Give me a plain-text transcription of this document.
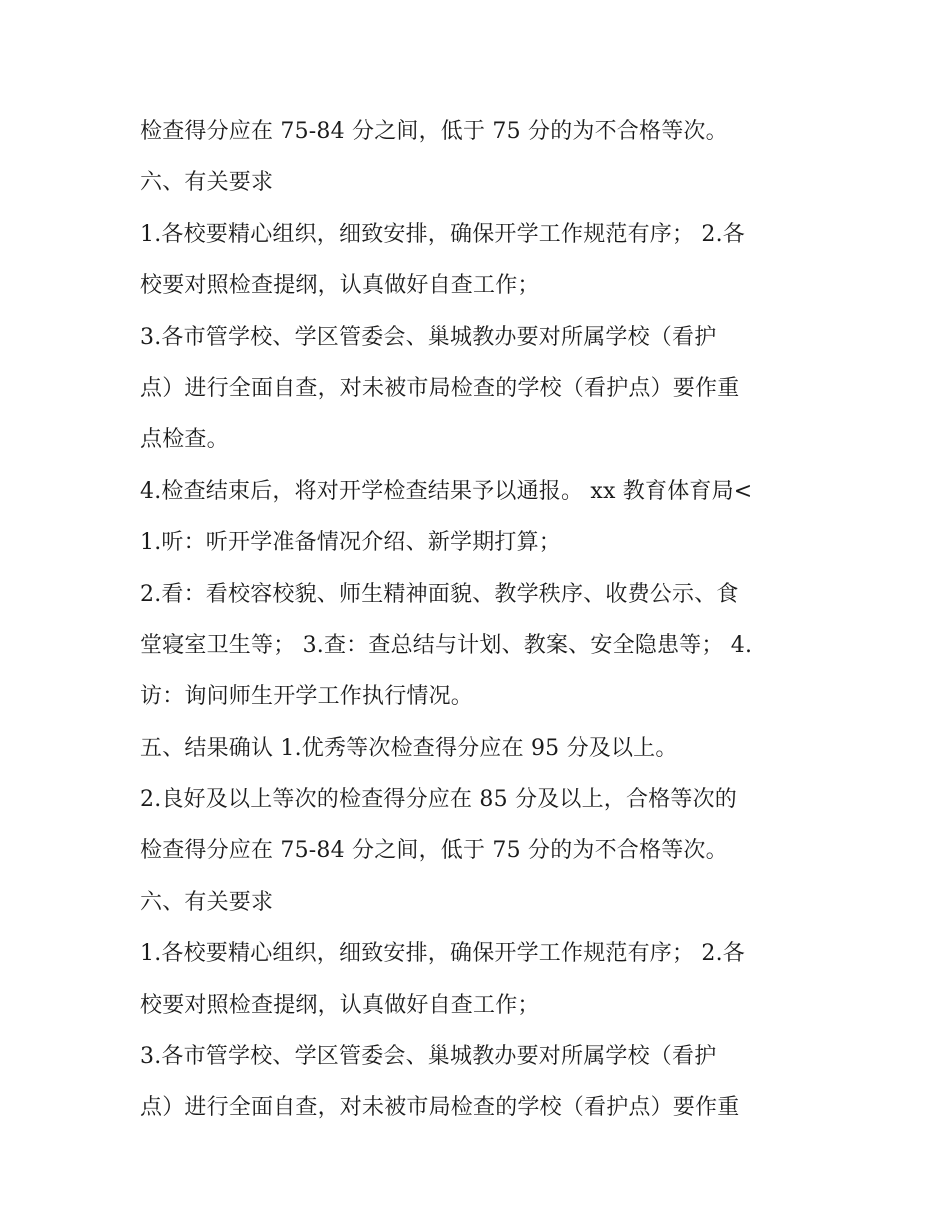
检查得分应在 75-84 分之间，低于 75 分的为不合格等次。
六、有关要求
1.各校要精心组织，细致安排，确保开学工作规范有序； 2.各
校要对照检查提纲，认真做好自查工作；
3.各市管学校、学区管委会、巢城教办要对所属学校（看护
点）进行全面自查，对未被市局检查的学校（看护点）要作重
点检查。
4.检查结束后，将对开学检查结果予以通报。 xx 教育体育局<
1.听：听开学准备情况介绍、新学期打算；
2.看：看校容校貌、师生精神面貌、教学秩序、收费公示、食
堂寝室卫生等； 3.查：查总结与计划、教案、安全隐患等； 4.
访：询问师生开学工作执行情况。
五、结果确认 1.优秀等次检查得分应在 95 分及以上。
2.良好及以上等次的检查得分应在 85 分及以上，合格等次的
检查得分应在 75-84 分之间，低于 75 分的为不合格等次。
六、有关要求
1.各校要精心组织，细致安排，确保开学工作规范有序； 2.各
校要对照检查提纲，认真做好自查工作；
3.各市管学校、学区管委会、巢城教办要对所属学校（看护
点）进行全面自查，对未被市局检查的学校（看护点）要作重
